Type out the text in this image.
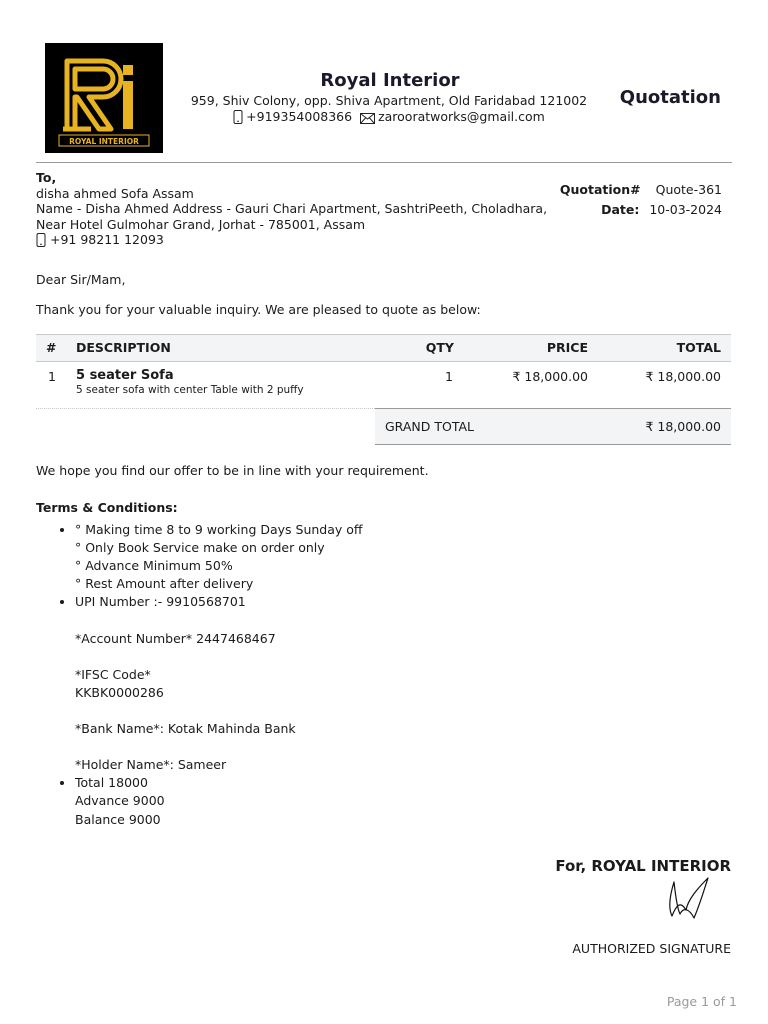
ROYAL INTERIOR
Royal Interior
959, Shiv Colony, opp. Shiva Apartment, Old Faridabad 121002
+919354008366 zarooratworks@gmail.com
Quotation
To,
disha ahmed Sofa Assam
Name - Disha Ahmed Address - Gauri Chari Apartment, SashtriPeeth, Choladhara,
Near Hotel Gulmohar Grand, Jorhat - 785001, Assam
+91 98211 12093
Quotation# Quote-361
Date: 10-03-2024
Dear Sir/Mam,
Thank you for your valuable inquiry. We are pleased to quote as below:
# DESCRIPTION	QTY	PRICE	TOTAL
1 5 seater Sofa
5 seater sofa with center Table with 2 puffy
1	₹ 18,000.00	₹ 18,000.00
GRAND TOTAL	₹ 18,000.00
We hope you find our offer to be in line with your requirement.
Terms & Conditions:
• ° Making time 8 to 9 working Days Sunday off
° Only Book Service make on order only
° Advance Minimum 50%
° Rest Amount after delivery
• UPI Number :- 9910568701

*Account Number* 2447468467

*IFSC Code*
KKBK0000286

*Bank Name*: Kotak Mahinda Bank

*Holder Name*: Sameer
• Total 18000
Advance 9000
Balance 9000
For, ROYAL INTERIOR
AUTHORIZED SIGNATURE
Page 1 of 1
